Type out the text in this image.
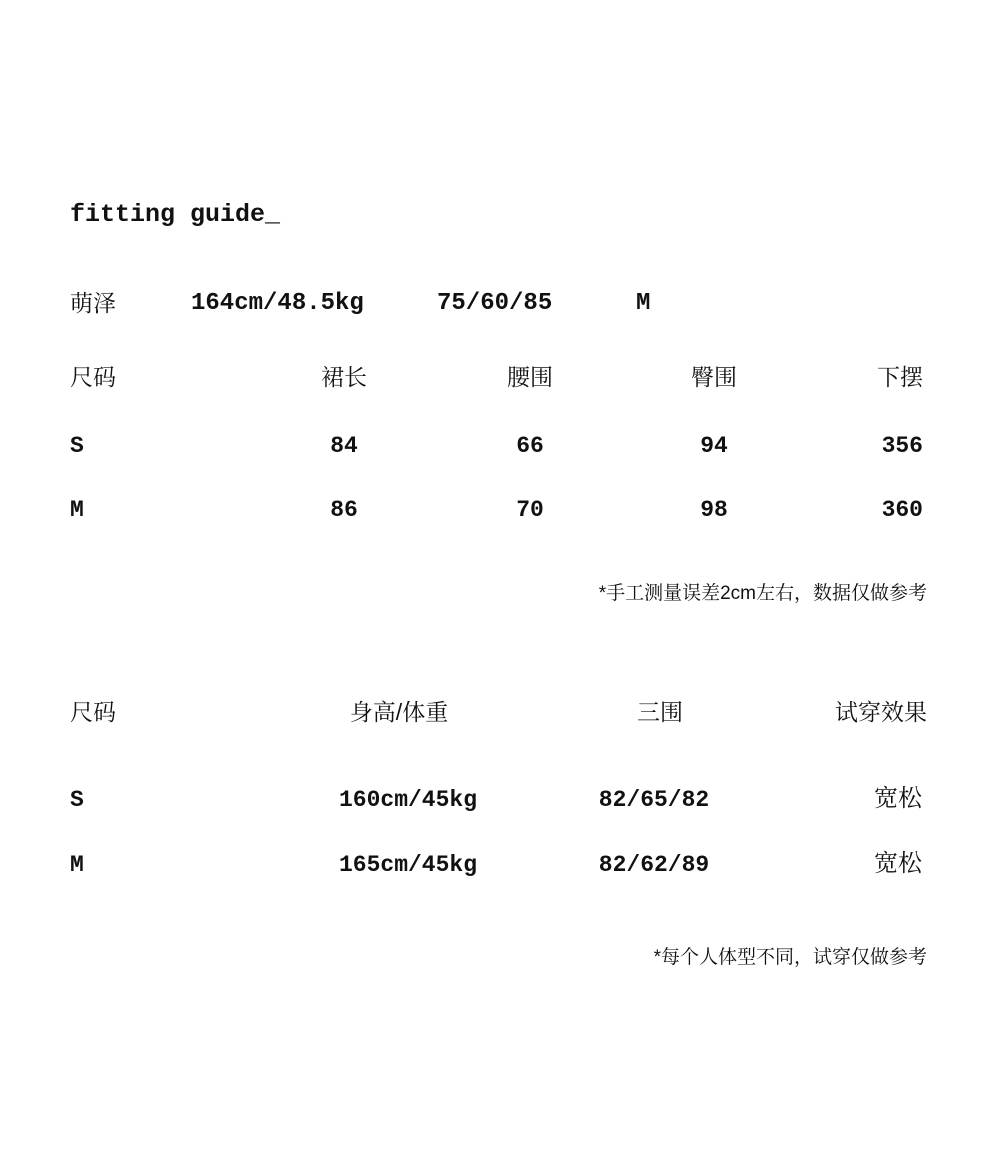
fitting guide_
萌泽	164cm/48.5kg	75/60/85	M
尺码	裙长	腰围	臀围	下摆
S	84	66	94	356
M	86	70	98	360
*手工测量误差2cm左右，数据仅做参考
尺码	身高/体重	三围	试穿效果
S	160cm/45kg	82/65/82	宽松
M	165cm/45kg	82/62/89	宽松
*每个人体型不同，试穿仅做参考
